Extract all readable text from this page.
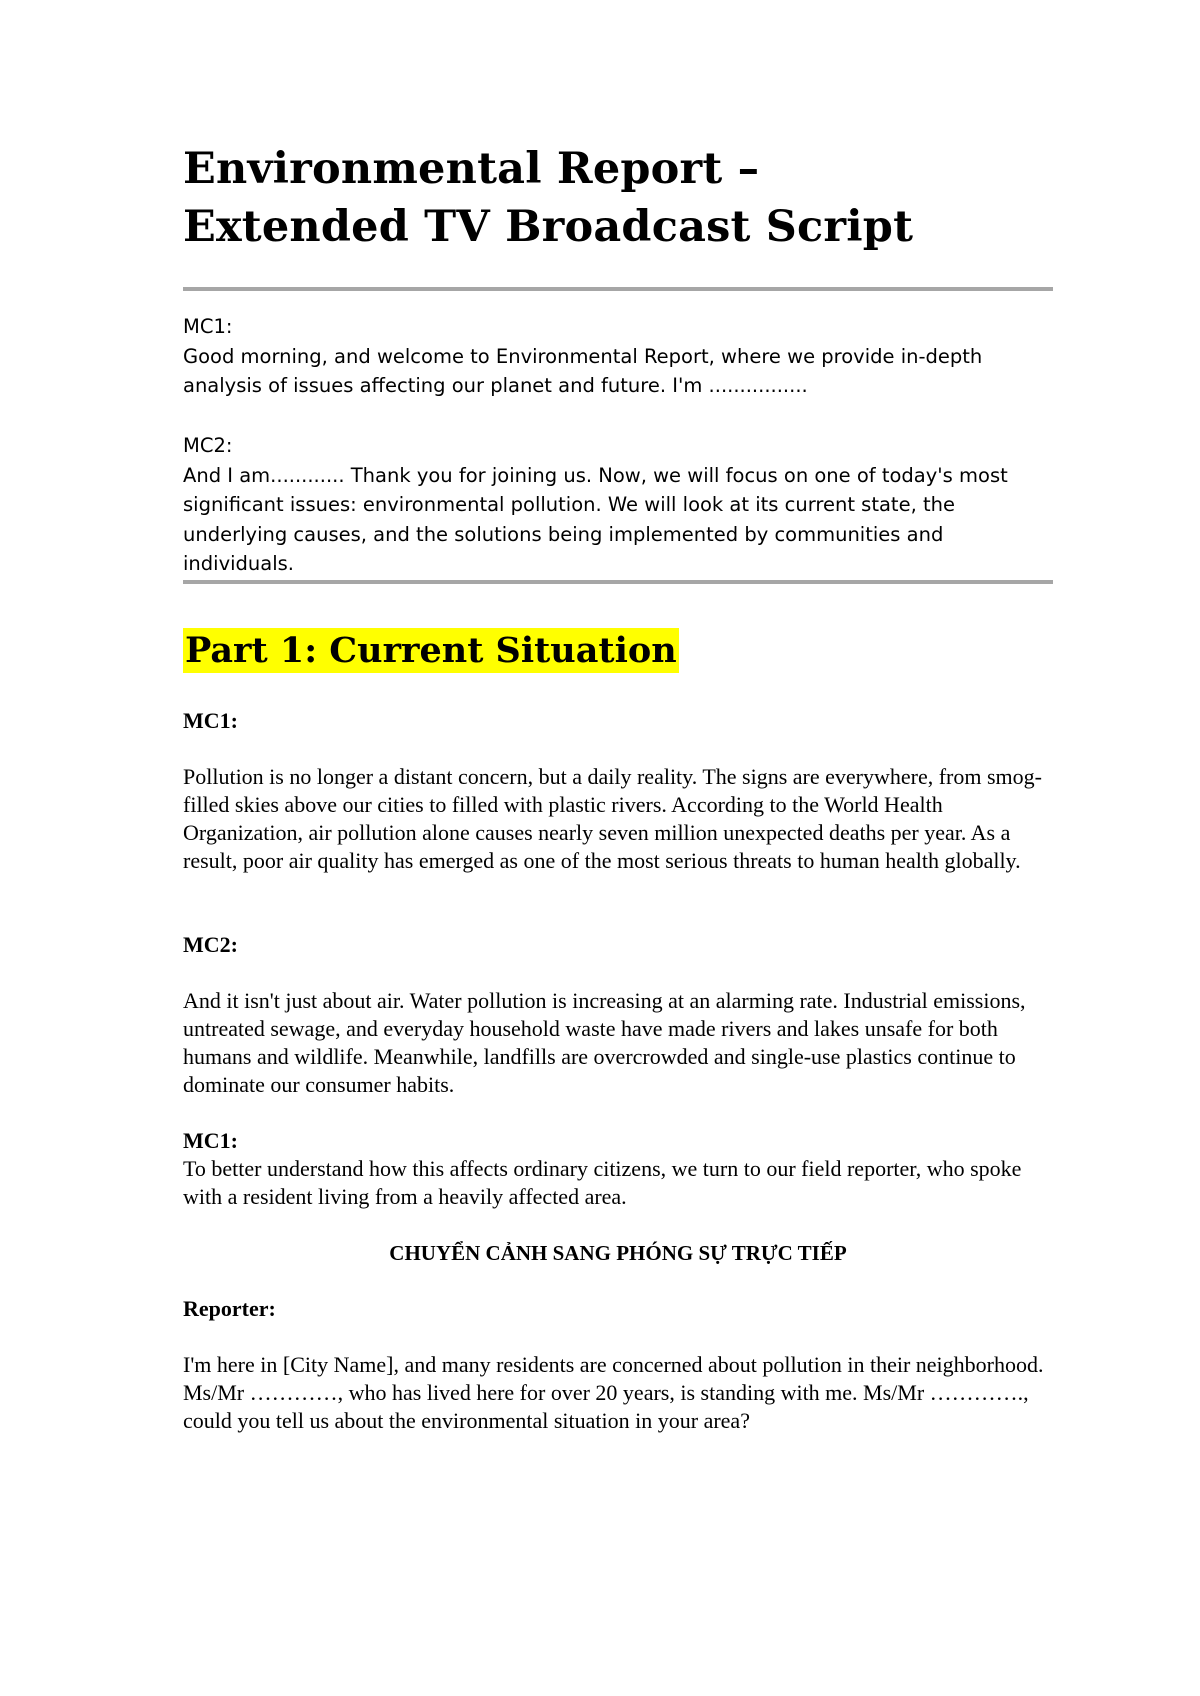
Environmental Report –
Extended TV Broadcast Script

MC1:

Good morning, and welcome to Environmental Report, where we provide in-depth analysis of issues affecting our planet and future. I'm ................

MC2:

And I am............ Thank you for joining us. Now, we will focus on one of today's most significant issues: environmental pollution. We will look at its current state, the underlying causes, and the solutions being implemented by communities and individuals.

Part 1: Current Situation

MC1:

Pollution is no longer a distant concern, but a daily reality. The signs are everywhere, from smog-filled skies above our cities to filled with plastic rivers. According to the World Health Organization, air pollution alone causes nearly seven million unexpected deaths per year. As a result, poor air quality has emerged as one of the most serious threats to human health globally.

MC2:

And it isn't just about air. Water pollution is increasing at an alarming rate. Industrial emissions, untreated sewage, and everyday household waste have made rivers and lakes unsafe for both humans and wildlife. Meanwhile, landfills are overcrowded and single-use plastics continue to dominate our consumer habits.

MC1:

To better understand how this affects ordinary citizens, we turn to our field reporter, who spoke with a resident living from a heavily affected area.

CHUYỂN CẢNH SANG PHÓNG SỰ TRỰC TIẾP

Reporter:

I'm here in [City Name], and many residents are concerned about pollution in their neighborhood. Ms/Mr …………, who has lived here for over 20 years, is standing with me. Ms/Mr …………., could you tell us about the environmental situation in your area?
